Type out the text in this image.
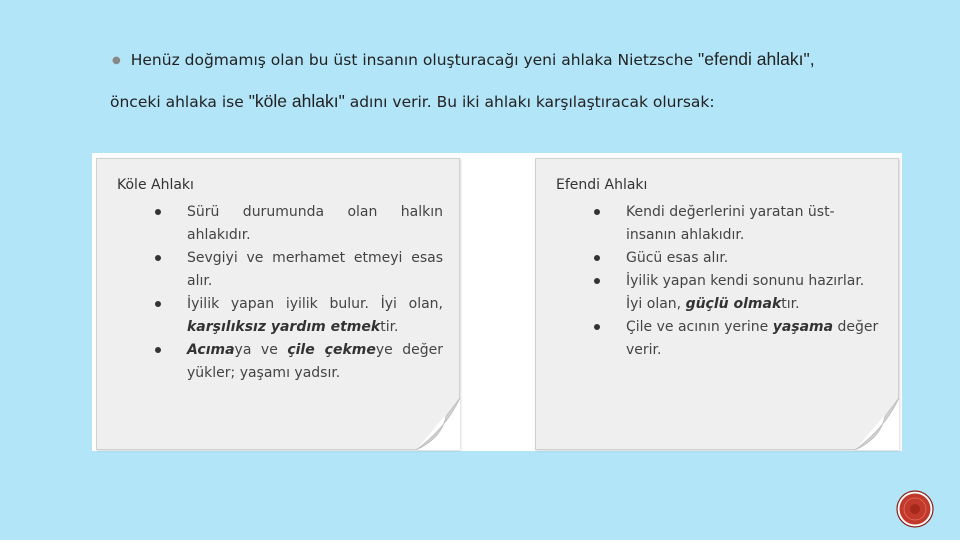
● Henüz doğmamış olan bu üst insanın oluşturacağı yeni ahlaka Nietzsche "efendi ahlakı",
önceki ahlaka ise "köle ahlakı" adını verir. Bu iki ahlakı karşılaştıracak olursak:
Köle Ahlakı
Sürü durumunda olan halkın ahlakıdır.
Sevgiyi ve merhamet etmeyi esas alır.
İyilik yapan iyilik bulur. İyi olan, karşılıksız yardım etmektir.
Acımaya ve çile çekmeye değer yükler; yaşamı yadsır.
Efendi Ahlakı
Kendi değerlerini yaratan üst-insanın ahlakıdır.
Gücü esas alır.
İyilik yapan kendi sonunu hazırlar. İyi olan, güçlü olmaktır.
Çile ve acının yerine yaşama değer verir.
